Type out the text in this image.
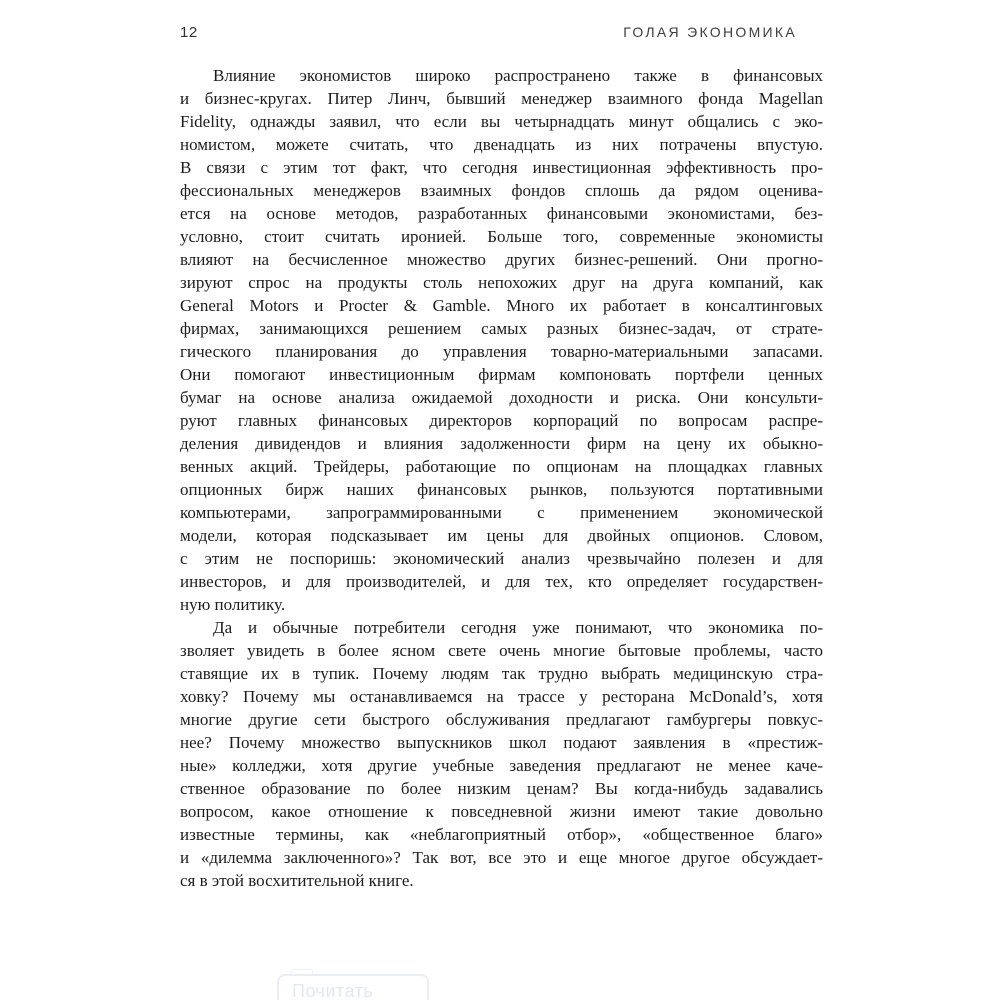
12	ГОЛАЯ ЭКОНОМИКА
Влияние экономистов широко распространено также в финансовых
и бизнес-кругах. Питер Линч, бывший менеджер взаимного фонда Magellan
Fidelity, однажды заявил, что если вы четырнадцать минут общались с эко-
номистом, можете считать, что двенадцать из них потрачены впустую.
В связи с этим тот факт, что сегодня инвестиционная эффективность про-
фессиональных менеджеров взаимных фондов сплошь да рядом оценива-
ется на основе методов, разработанных финансовыми экономистами, без-
условно, стоит считать иронией. Больше того, современные экономисты
влияют на бесчисленное множество других бизнес-решений. Они прогно-
зируют спрос на продукты столь непохожих друг на друга компаний, как
General Motors и Procter & Gamble. Много их работает в консалтинговых
фирмах, занимающихся решением самых разных бизнес-задач, от страте-
гического планирования до управления товарно-материальными запасами.
Они помогают инвестиционным фирмам компоновать портфели ценных
бумаг на основе анализа ожидаемой доходности и риска. Они консульти-
руют главных финансовых директоров корпораций по вопросам распре-
деления дивидендов и влияния задолженности фирм на цену их обыкно-
венных акций. Трейдеры, работающие по опционам на площадках главных
опционных бирж наших финансовых рынков, пользуются портативными
компьютерами, запрограммированными с применением экономической
модели, которая подсказывает им цены для двойных опционов. Словом,
с этим не поспоришь: экономический анализ чрезвычайно полезен и для
инвесторов, и для производителей, и для тех, кто определяет государствен-
ную политику.
Да и обычные потребители сегодня уже понимают, что экономика по-
зволяет увидеть в более ясном свете очень многие бытовые проблемы, часто
ставящие их в тупик. Почему людям так трудно выбрать медицинскую стра-
ховку? Почему мы останавливаемся на трассе у ресторана McDonald’s, хотя
многие другие сети быстрого обслуживания предлагают гамбургеры повкус-
нее? Почему множество выпускников школ подают заявления в «престиж-
ные» колледжи, хотя другие учебные заведения предлагают не менее каче-
ственное образование по более низким ценам? Вы когда-нибудь задавались
вопросом, какое отношение к повседневной жизни имеют такие довольно
известные термины, как «неблагоприятный отбор», «общественное благо»
и «дилемма заключенного»? Так вот, все это и еще многое другое обсуждает-
ся в этой восхитительной книге.
Почитать
